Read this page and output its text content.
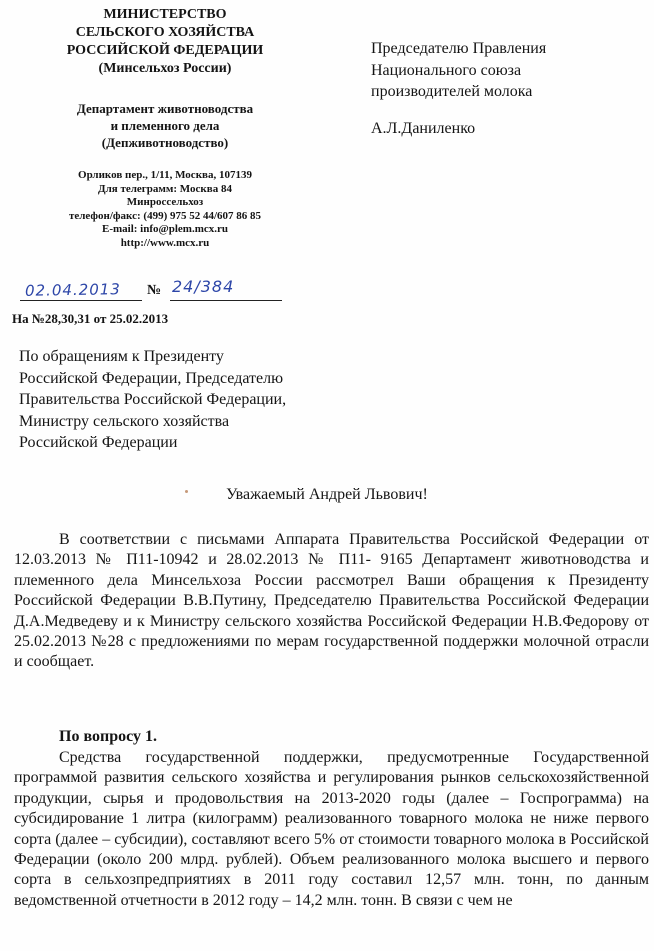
МИНИСТЕРСТВО
СЕЛЬСКОГО ХОЗЯЙСТВА
РОССИЙСКОЙ ФЕДЕРАЦИИ
(Минсельхоз России)
Департамент животноводства
и племенного дела
(Депживотноводство)
Орликов пер., 1/11, Москва, 107139
Для телеграмм: Москва 84
Минроссельхоз
телефон/факс: (499) 975 52 44/607 86 85
E-mail: info@plem.mcx.ru
http://www.mcx.ru
Председателю Правления
Национального союза
производителей молока
А.Л.Даниленко
02.04.2013 № 24/384
На №28,30,31 от 25.02.2013
По обращениям к Президенту
Российской Федерации, Председателю
Правительства Российской Федерации,
Министру сельского хозяйства
Российской Федерации
Уважаемый Андрей Львович!

В соответствии с письмами Аппарата Правительства Российской Федерации от 12.03.2013 № П11-10942 и 28.02.2013 № П11- 9165 Департамент животноводства и племенного дела Минсельхоза России рассмотрел Ваши обращения к Президенту Российской Федерации В.В.Путину, Председателю Правительства Российской Федерации Д.А.Медведеву и к Министру сельского хозяйства Российской Федерации Н.В.Федорову от 25.02.2013 №28 с предложениями по мерам государственной поддержки молочной отрасли и сообщает.

По вопросу 1.

Средства государственной поддержки, предусмотренные Государственной программой развития сельского хозяйства и регулирования рынков сельскохозяйственной продукции, сырья и продовольствия на 2013-2020 годы (далее – Госпрограмма) на субсидирование 1 литра (килограмм) реализованного товарного молока не ниже первого сорта (далее – субсидии), составляют всего 5% от стоимости товарного молока в Российской Федерации (около 200 млрд. рублей). Объем реализованного молока высшего и первого сорта в сельхозпредприятиях в 2011 году составил 12,57 млн. тонн, по данным ведомственной отчетности в 2012 году – 14,2 млн. тонн. В связи с чем не
